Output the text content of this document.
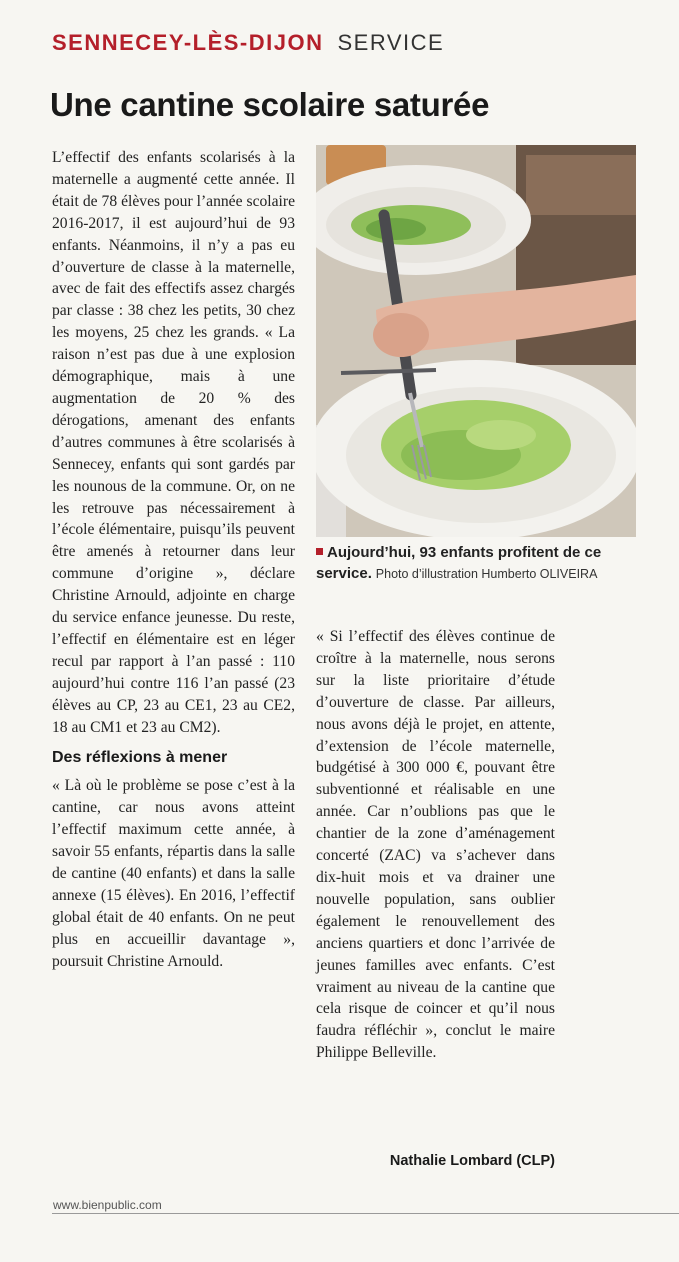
SENNECEY-LÈS-DIJON SERVICE
Une cantine scolaire saturée

L’effectif des enfants scolarisés à la maternelle a augmenté cette année. Il était de 78 élèves pour l’année scolaire 2016-2017, il est aujourd’hui de 93 enfants. Néanmoins, il n’y a pas eu d’ouverture de classe à la maternelle, avec de fait des effectifs assez chargés par classe : 38 chez les petits, 30 chez les moyens, 25 chez les grands. « La raison n’est pas due à une explosion démographique, mais à une augmentation de 20 % des dérogations, amenant des enfants d’autres communes à être scolarisés à Sennecey, enfants qui sont gardés par les nounous de la commune. Or, on ne les retrouve pas nécessairement à l’école élémentaire, puisqu’ils peuvent être amenés à retourner dans leur commune d’origine », déclare Christine Arnould, adjointe en charge du service enfance jeunesse. Du reste, l’effectif en élémentaire est en léger recul par rapport à l’an passé : 110 aujourd’hui contre 116 l’an passé (23 élèves au CP, 23 au CE1, 23 au CE2, 18 au CM1 et 23 au CM2).

Des réflexions à mener

« Là où le problème se pose c’est à la cantine, car nous avons atteint l’effectif maximum cette année, à savoir 55 enfants, répartis dans la salle de cantine (40 enfants) et dans la salle annexe (15 élèves). En 2016, l’effectif global était de 40 enfants. On ne peut plus en accueillir davantage », poursuit Christine Arnould.

Aujourd’hui, 93 enfants profitent de ce service. Photo d’illustration Humberto OLIVEIRA

« Si l’effectif des élèves continue de croître à la maternelle, nous serons sur la liste prioritaire d’étude d’ouverture de classe. Par ailleurs, nous avons déjà le projet, en attente, d’extension de l’école maternelle, budgétisé à 300 000 €, pouvant être subventionné et réalisable en une année. Car n’oublions pas que le chantier de la zone d’aménagement concerté (ZAC) va s’achever dans dix-huit mois et va drainer une nouvelle population, sans oublier également le renouvellement des anciens quartiers et donc l’arrivée de jeunes familles avec enfants. C’est vraiment au niveau de la cantine que cela risque de coincer et qu’il nous faudra réfléchir », conclut le maire Philippe Belleville.

Nathalie Lombard (CLP)
www.bienpublic.com
